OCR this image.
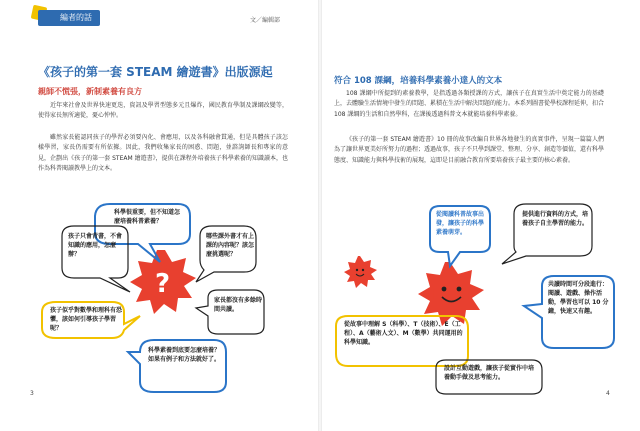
編者的話	文／編輯部
《孩子的第一套 STEAM 繪遊書》出版源起
親師不慌張，新制素養有良方

近年來社會及世界快速更迭，資訊及學習型態多元且爆炸，國民教育學制及課綱改變等，使得家長無所適從，憂心忡忡。

雖然家長能認同孩子的學習必須要內化、會應用，以及各科融會貫通，但是具體孩子該怎樣學習，家長仍需要有所依據。因此，我們收集家長的困惑、問題，並諮詢師長和專家的意見，企劃出《孩子的第一套 STEAM 繪遊書》，提供在課程外培養孩子科學素養的知識讀本，也作為科普閱讀教學上的文本。

?
科學很重要，但不知道怎麼培養科普素養？
孩子只會背書，不會知識的應用，怎麼辦？
哪些課外書才有上課的內容呢？該怎麼挑選呢？
孩子似乎對數學和理科有恐懼，該如何引導孩子學習呢？
家長都沒有多餘時間共讀。
科學素養到底要怎麼培養？如果有例子和方法就好了。
3
符合 108 課綱，培養科學素養小達人的文本

108 課綱中所提到的素養教學，是指透過各類授課的方式，讓孩子在真實生活中奠定能力的基礎上，去體驗生活情境中發生的問題、累積在生活中解決問題的能力。本系列圖書從學校課程延伸，扣合 108 課綱的生活和自然學科，在課後透過科普文本就能培養科學素養。

《孩子的第一套 STEAM 繪遊書》10 冊的故事改編自世界各地發生的真實事件，呈現一篇篇人們為了讓世界更美好所努力的過程；透過故事，孩子不只學到課堂、整理、分享、創造等價值，還有科學態度、知識能力與科學技術的展現，這即是目前融合教育所要培養孩子最主要的核心素養。

從閱讀科普故事出發，讓孩子的科學素養萌芽。
提供進行資料的方式，培養孩子自主學習的能力。
共讀時間可分段進行：閱讀、遊戲、操作活動，學習也可以 10 分鐘，快速又有趣。
從故事中理解 S（科學）、T（技術）、E（工程）、A（藝術人文）、M（數學）共同運用的科學知識。
設計互動遊戲，讓孩子從實作中培養動手做及思考能力。
4
